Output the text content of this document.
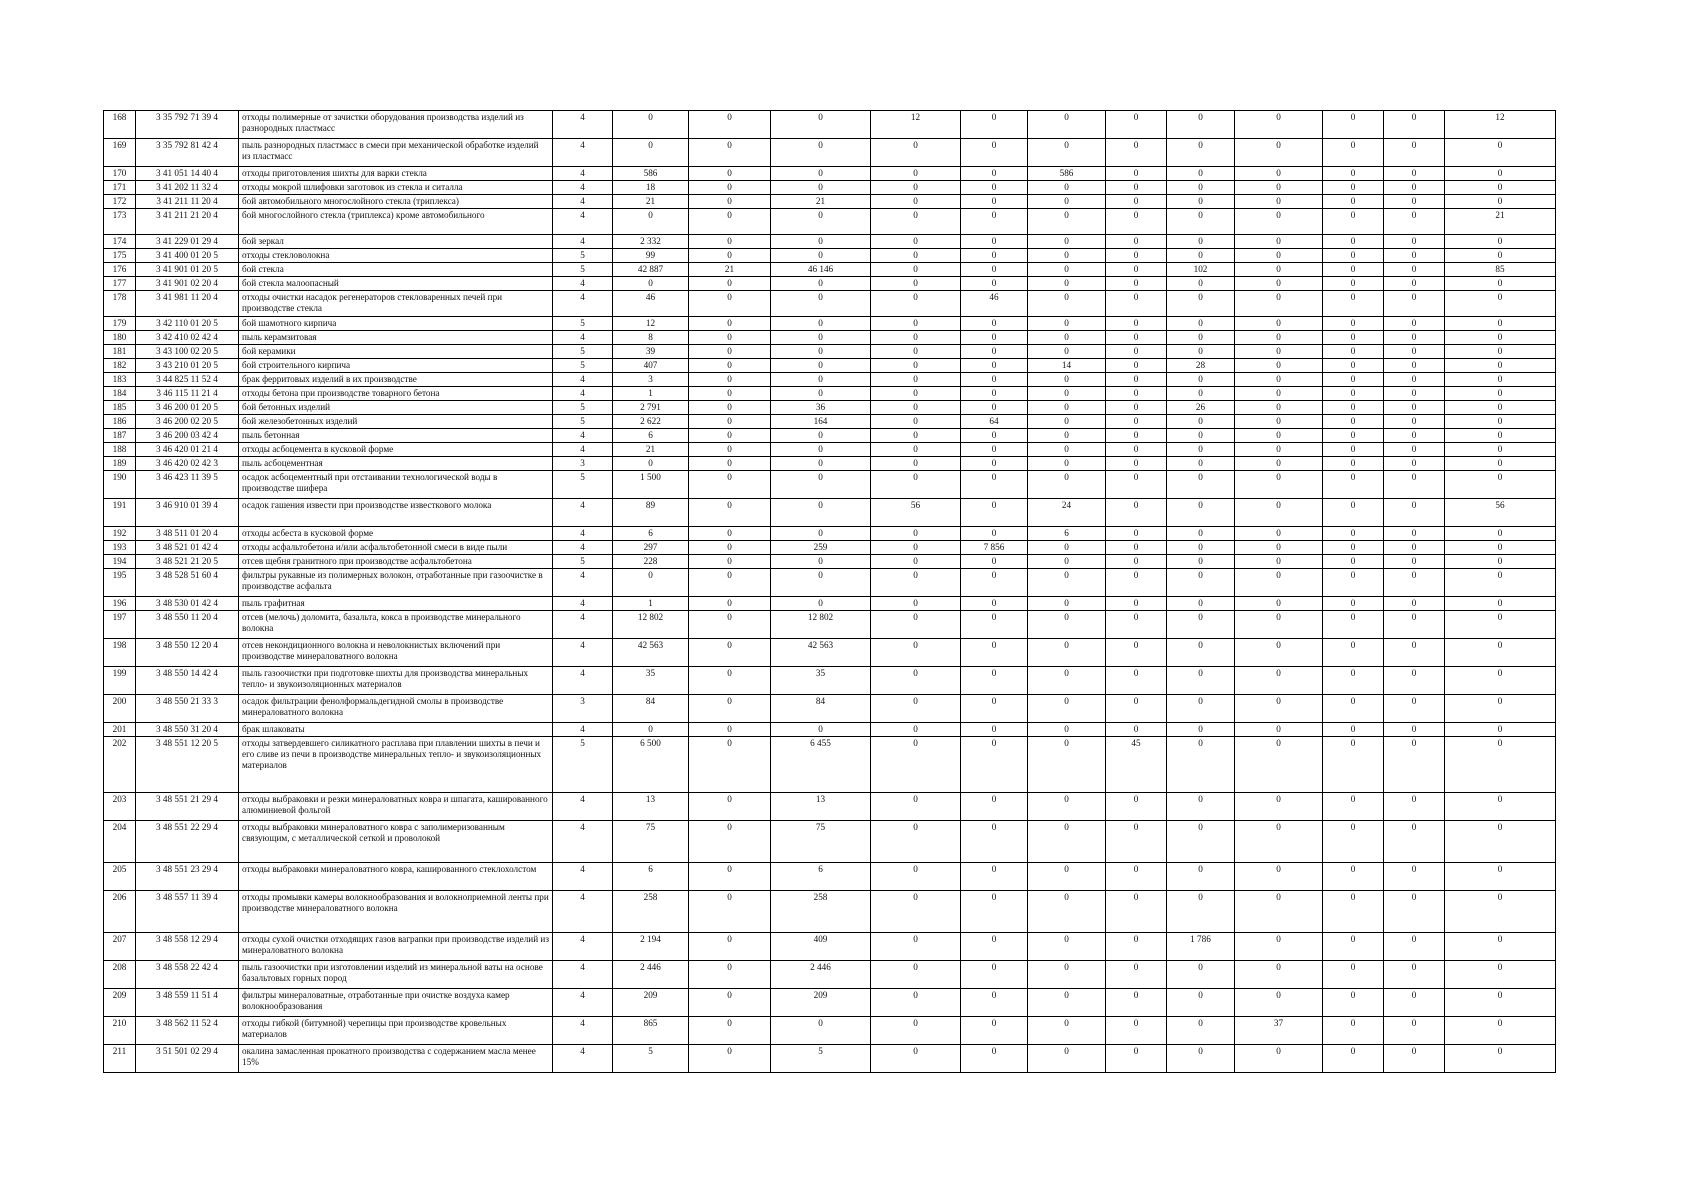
168	3 35 792 71 39 4	отходы полимерные от зачистки оборудования производства изделий из разнородных пластмасс	4	0	0	0	12	0	0	0	0	0	0	0	12
169	3 35 792 81 42 4	пыль разнородных пластмасс в смеси при механической обработке изделий из пластмасс	4	0	0	0	0	0	0	0	0	0	0	0	0
170	3 41 051 14 40 4	отходы приготовления шихты для варки стекла	4	586	0	0	0	0	586	0	0	0	0	0	0
171	3 41 202 11 32 4	отходы мокрой шлифовки заготовок из стекла и ситалла	4	18	0	0	0	0	0	0	0	0	0	0	0
172	3 41 211 11 20 4	бой автомобильного многослойного стекла (триплекса)	4	21	0	21	0	0	0	0	0	0	0	0	0
173	3 41 211 21 20 4	бой многослойного стекла (триплекса) кроме автомобильного	4	0	0	0	0	0	0	0	0	0	0	0	21
174	3 41 229 01 29 4	бой зеркал	4	2 332	0	0	0	0	0	0	0	0	0	0	0
175	3 41 400 01 20 5	отходы стекловолокна	5	99	0	0	0	0	0	0	0	0	0	0	0
176	3 41 901 01 20 5	бой стекла	5	42 887	21	46 146	0	0	0	0	102	0	0	0	85
177	3 41 901 02 20 4	бой стекла малоопасный	4	0	0	0	0	0	0	0	0	0	0	0	0
178	3 41 981 11 20 4	отходы очистки насадок регенераторов стекловаренных печей при производстве стекла	4	46	0	0	0	46	0	0	0	0	0	0	0
179	3 42 110 01 20 5	бой шамотного кирпича	5	12	0	0	0	0	0	0	0	0	0	0	0
180	3 42 410 02 42 4	пыль керамзитовая	4	8	0	0	0	0	0	0	0	0	0	0	0
181	3 43 100 02 20 5	бой керамики	5	39	0	0	0	0	0	0	0	0	0	0	0
182	3 43 210 01 20 5	бой строительного кирпича	5	407	0	0	0	0	14	0	28	0	0	0	0
183	3 44 825 11 52 4	брак ферритовых изделий в их производстве	4	3	0	0	0	0	0	0	0	0	0	0	0
184	3 46 115 11 21 4	отходы бетона при производстве товарного бетона	4	1	0	0	0	0	0	0	0	0	0	0	0
185	3 46 200 01 20 5	бой бетонных изделий	5	2 791	0	36	0	0	0	0	26	0	0	0	0
186	3 46 200 02 20 5	бой железобетонных изделий	5	2 622	0	164	0	64	0	0	0	0	0	0	0
187	3 46 200 03 42 4	пыль бетонная	4	6	0	0	0	0	0	0	0	0	0	0	0
188	3 46 420 01 21 4	отходы асбоцемента в кусковой форме	4	21	0	0	0	0	0	0	0	0	0	0	0
189	3 46 420 02 42 3	пыль асбоцементная	3	0	0	0	0	0	0	0	0	0	0	0	0
190	3 46 423 11 39 5	осадок асбоцементный при отстаивании технологической воды в производстве шифера	5	1 500	0	0	0	0	0	0	0	0	0	0	0
191	3 46 910 01 39 4	осадок гашения извести при производстве известкового молока	4	89	0	0	56	0	24	0	0	0	0	0	56
192	3 48 511 01 20 4	отходы асбеста в кусковой форме	4	6	0	0	0	0	6	0	0	0	0	0	0
193	3 48 521 01 42 4	отходы асфальтобетона и/или асфальтобетонной смеси в виде пыли	4	297	0	259	0	7 856	0	0	0	0	0	0	0
194	3 48 521 21 20 5	отсев щебня гранитного при производстве асфальтобетона	5	228	0	0	0	0	0	0	0	0	0	0	0
195	3 48 528 51 60 4	фильтры рукавные из полимерных волокон, отработанные при газоочистке в производстве асфальта	4	0	0	0	0	0	0	0	0	0	0	0	0
196	3 48 530 01 42 4	пыль графитная	4	1	0	0	0	0	0	0	0	0	0	0	0
197	3 48 550 11 20 4	отсев (мелочь) доломита, базальта, кокса в производстве минерального волокна	4	12 802	0	12 802	0	0	0	0	0	0	0	0	0
198	3 48 550 12 20 4	отсев некондиционного волокна и неволокнистых включений при производстве минераловатного волокна	4	42 563	0	42 563	0	0	0	0	0	0	0	0	0
199	3 48 550 14 42 4	пыль газоочистки при подготовке шихты для производства минеральных тепло- и звукоизоляционных материалов	4	35	0	35	0	0	0	0	0	0	0	0	0
200	3 48 550 21 33 3	осадок фильтрации фенолформальдегидной смолы в производстве минераловатного волокна	3	84	0	84	0	0	0	0	0	0	0	0	0
201	3 48 550 31 20 4	брак шлаковаты	4	0	0	0	0	0	0	0	0	0	0	0	0
202	3 48 551 12 20 5	отходы затвердевшего силикатного расплава при плавлении шихты в печи и его сливе из печи в производстве минеральных тепло- и звукоизоляционных материалов	5	6 500	0	6 455	0	0	0	45	0	0	0	0	0
203	3 48 551 21 29 4	отходы выбраковки и резки минераловатных ковра и шпагата, кашированного алюминиевой фольгой	4	13	0	13	0	0	0	0	0	0	0	0	0
204	3 48 551 22 29 4	отходы выбраковки минераловатного ковра с заполимеризованным связующим, с металлической сеткой и проволокой	4	75	0	75	0	0	0	0	0	0	0	0	0
205	3 48 551 23 29 4	отходы выбраковки минераловатного ковра, кашированного стеклохолстом	4	6	0	6	0	0	0	0	0	0	0	0	0
206	3 48 557 11 39 4	отходы промывки камеры волокнообразования и волокноприемной ленты при производстве минераловатного волокна	4	258	0	258	0	0	0	0	0	0	0	0	0
207	3 48 558 12 29 4	отходы сухой очистки отходящих газов ваграпки при производстве изделий из минераловатного волокна	4	2 194	0	409	0	0	0	0	1 786	0	0	0	0
208	3 48 558 22 42 4	пыль газоочистки при изготовлении изделий из минеральной ваты на основе базальтовых горных пород	4	2 446	0	2 446	0	0	0	0	0	0	0	0	0
209	3 48 559 11 51 4	фильтры минераловатные, отработанные при очистке воздуха камер волокнообразования	4	209	0	209	0	0	0	0	0	0	0	0	0
210	3 48 562 11 52 4	отходы гибкой (битумной) черепицы при производстве кровельных материалов	4	865	0	0	0	0	0	0	0	37	0	0	0
211	3 51 501 02 29 4	окалина замасленная прокатного производства с содержанием масла менее 15%	4	5	0	5	0	0	0	0	0	0	0	0	0
